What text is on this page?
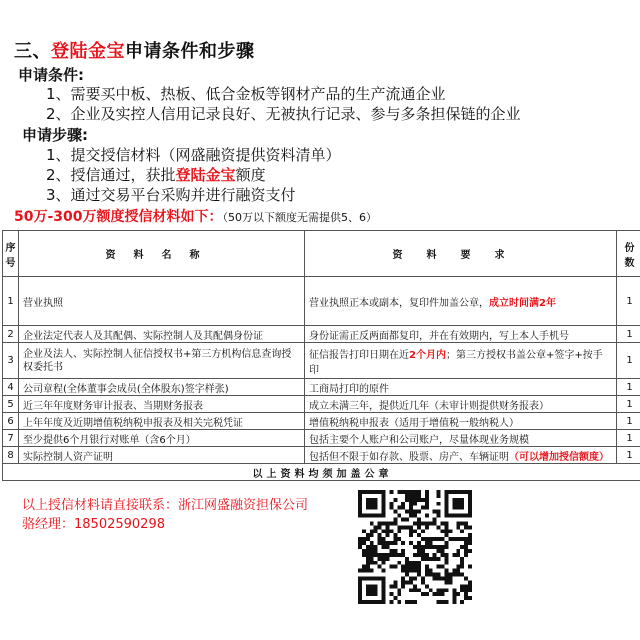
三、登陆金宝申请条件和步骤
申请条件:
1、需要买中板、热板、低合金板等钢材产品的生产流通企业
2、企业及实控人信用记录良好、无被执行记录、参与多条担保链的企业
申请步骤:
1、提交授信材料（网盛融资提供资料清单）
2、授信通过，获批登陆金宝额度
3、通过交易平台采购并进行融资支付
50万-300万额度授信材料如下：（50万以下额度无需提供5、6）
序号	资料名称	资料要求	份数
1	营业执照	营业执照正本或副本，复印件加盖公章，成立时间满2年	1
2	企业法定代表人及其配偶、实际控制人及其配偶身份证	身份证需正反两面都复印，并在有效期内，写上本人手机号	1
3	企业及法人、实际控制人征信授权书+第三方机构信息查询授权委托书	征信报告打印日期在近2个月内；第三方授权书盖公章+签字+按手印	1
4	公司章程(全体董事会成员(全体股东)签字样张)	工商局打印的原件	1
5	近三年年度财务审计报表、当期财务报表	成立未满三年，提供近几年（未审计则提供财务报表）	1
6	上年年度及近期增值税纳税申报表及相关完税凭证	增值税纳税申报表（适用于增值税一般纳税人）	1
7	至少提供6个月银行对账单（含6个月）	包括主要个人账户和公司账户，尽量体现业务规模	1
8	实际控制人资产证明	包括但不限于如存款、股票、房产、车辆证明（可以增加授信额度）	1
以上资料均须加盖公章			
以上授信材料请直接联系：浙江网盛融资担保公司
骆经理：18502590298
